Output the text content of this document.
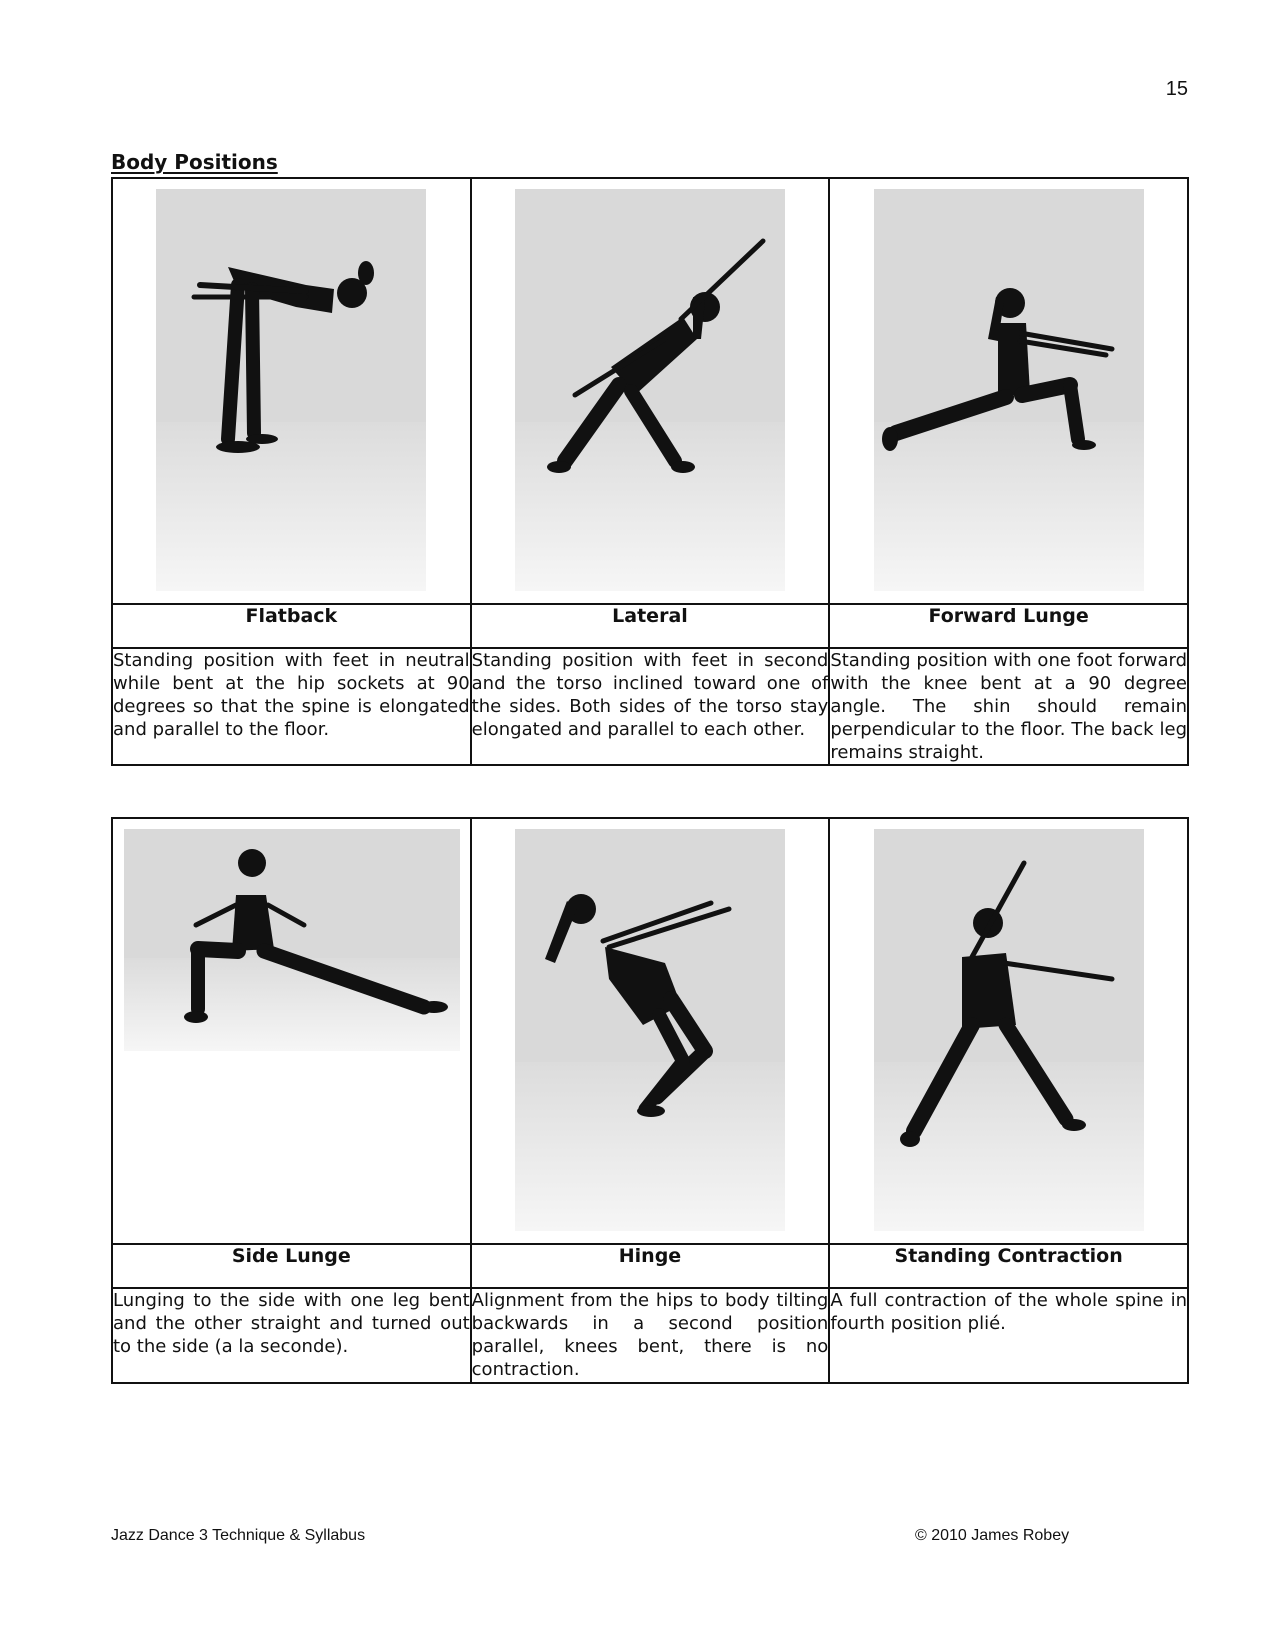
15
Body Positions

Flatback	Lateral	Forward Lunge
Standing position with feet in neutral while bent at the hip sockets at 90 degrees so that the spine is elongated and parallel to the floor.	Standing position with feet in second and the torso inclined toward one of the sides. Both sides of the torso stay elongated and parallel to each other.	Standing position with one foot forward with the knee bent at a 90 degree angle. The shin should remain perpendicular to the floor. The back leg remains straight.

Side Lunge	Hinge	Standing Contraction
Lunging to the side with one leg bent and the other straight and turned out to the side (a la seconde).	Alignment from the hips to body tilting backwards in a second position parallel, knees bent, there is no contraction.	A full contraction of the whole spine in fourth position plié.
Jazz Dance 3 Technique & Syllabus	© 2010 James Robey
